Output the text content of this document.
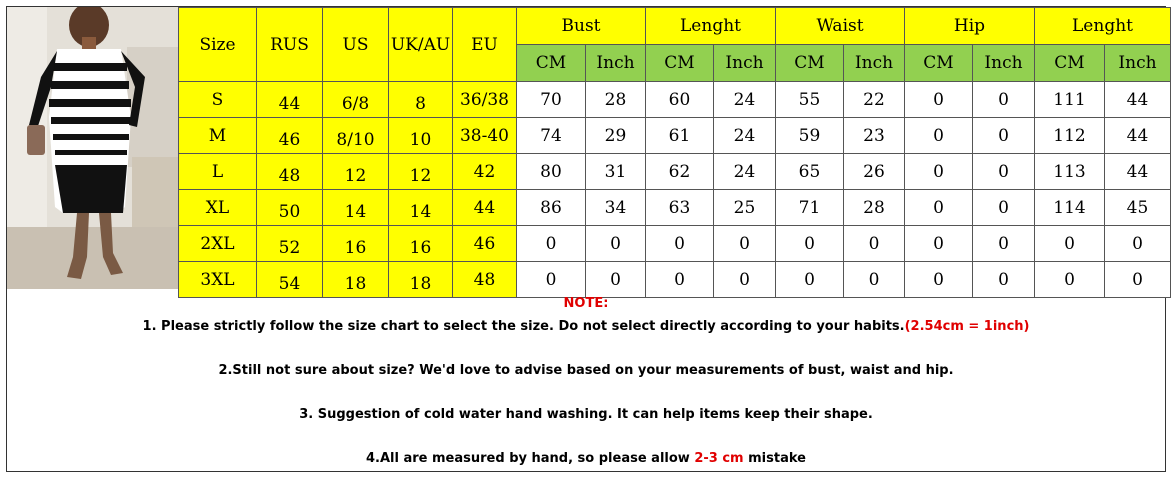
Size	RUS	US	UK/AU	EU	Bust		Lenght		Waist		Hip		Lenght	
					CM	Inch	CM	Inch	CM	Inch	CM	Inch	CM	Inch
S	44	6/8	8	36/38	70	28	60	24	55	22	0	0	111	44
M	46	8/10	10	38-40	74	29	61	24	59	23	0	0	112	44
L	48	12	12	42	80	31	62	24	65	26	0	0	113	44
XL	50	14	14	44	86	34	63	25	71	28	0	0	114	45
2XL	52	16	16	46	0	0	0	0	0	0	0	0	0	0
3XL	54	18	18	48	0	0	0	0	0	0	0	0	0	0
NOTE:
1. Please strictly follow the size chart to select the size. Do not select directly according to your habits.(2.54cm = 1inch)
2.Still not sure about size? We'd love to advise based on your measurements of bust, waist and hip.
3. Suggestion of cold water hand washing. It can help items keep their shape.
4.All are measured by hand, so please allow 2-3 cm mistake
